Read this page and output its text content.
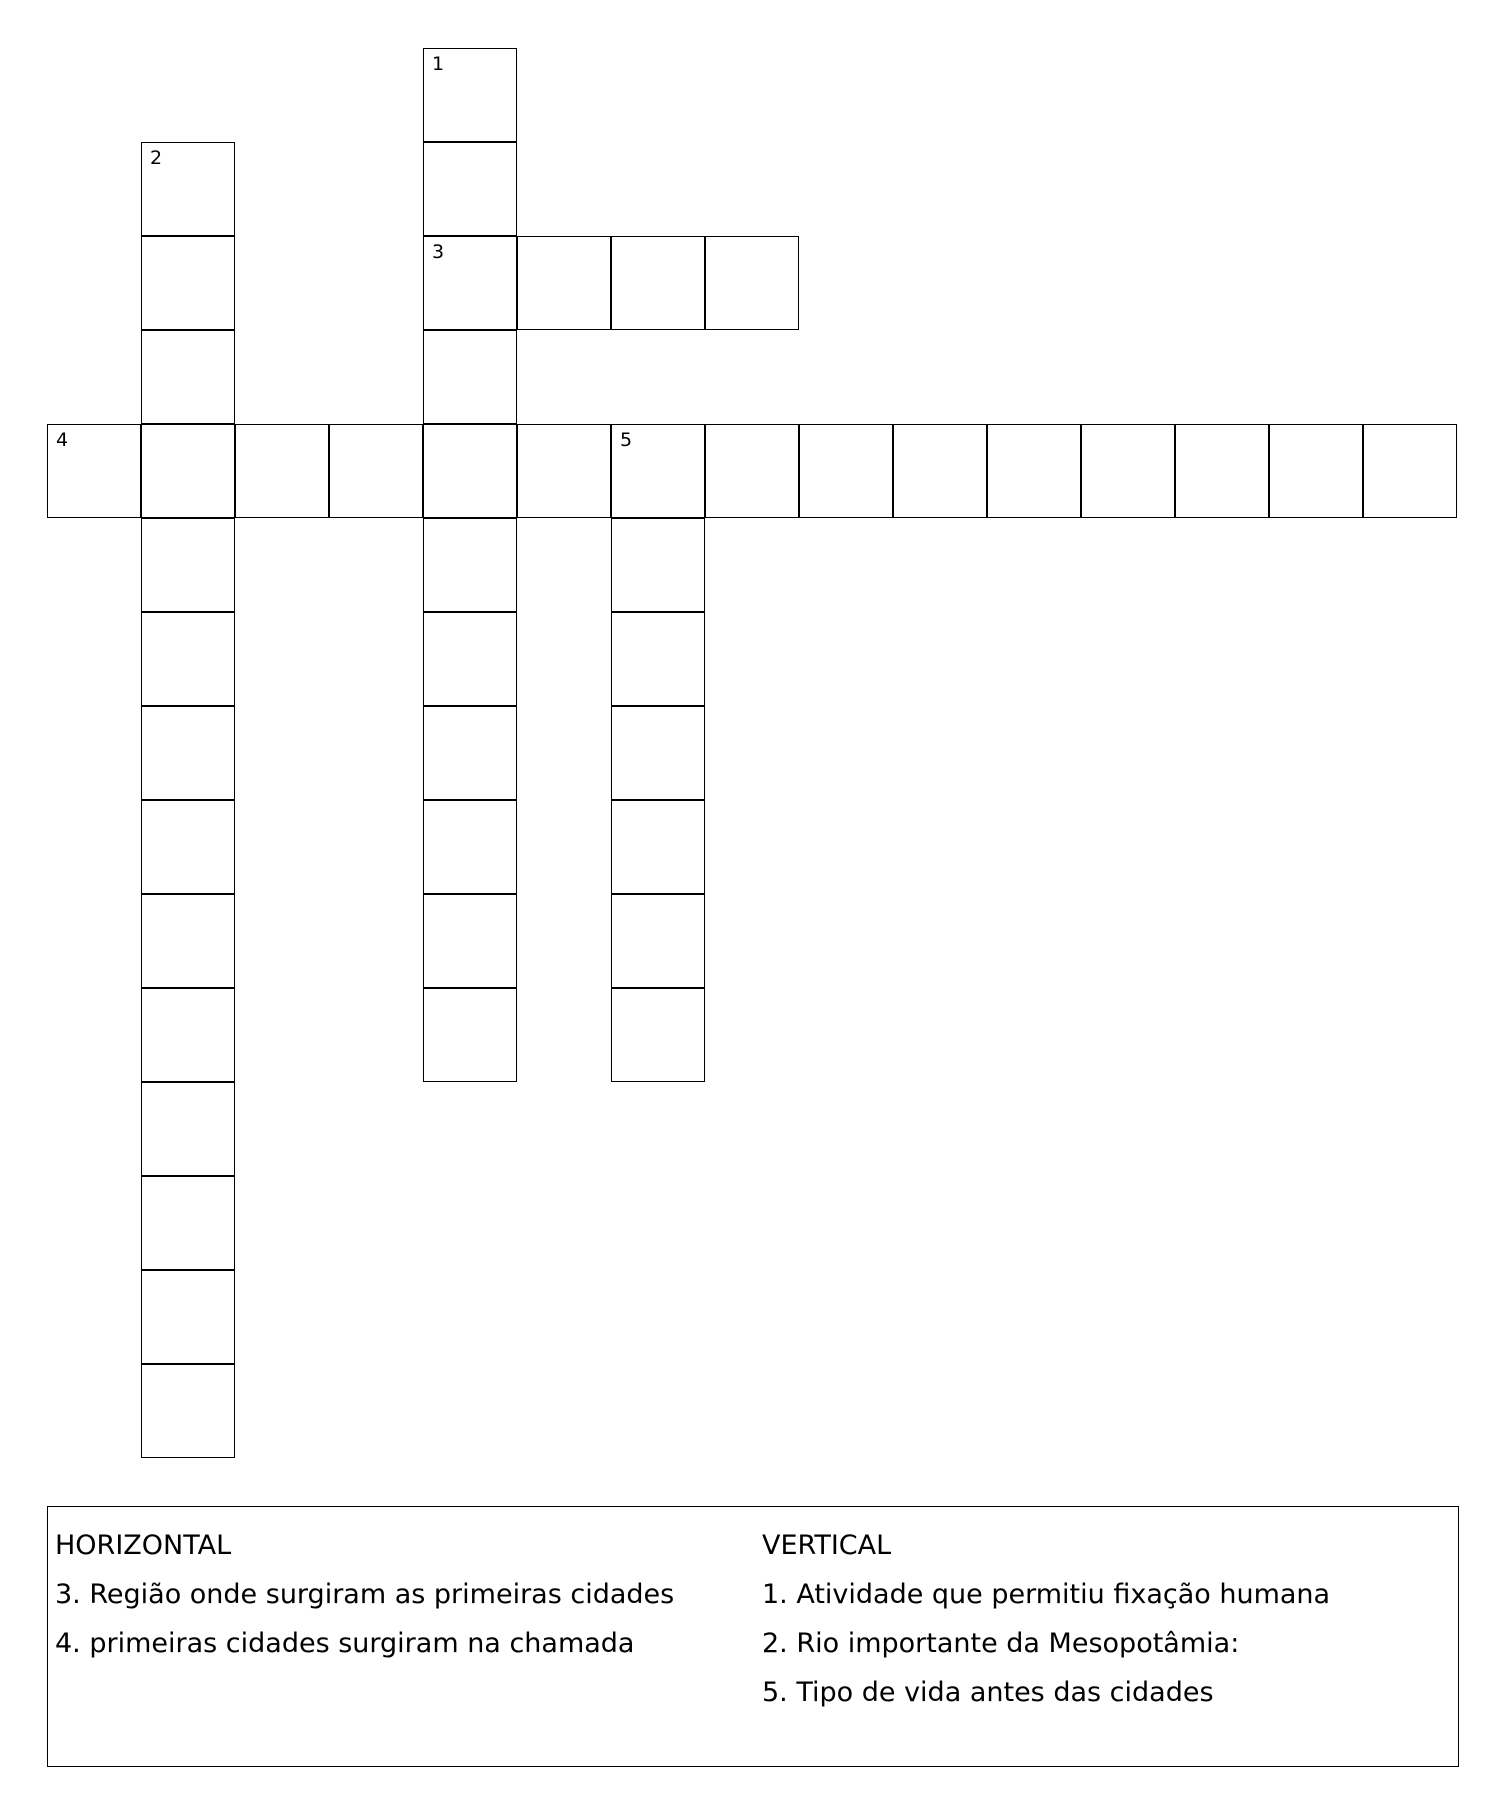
1
3
2
4	5
HORIZONTAL
3. Região onde surgiram as primeiras cidades
4. primeiras cidades surgiram na chamada
VERTICAL
1. Atividade que permitiu fixação humana
2. Rio importante da Mesopotâmia:
5. Tipo de vida antes das cidades
